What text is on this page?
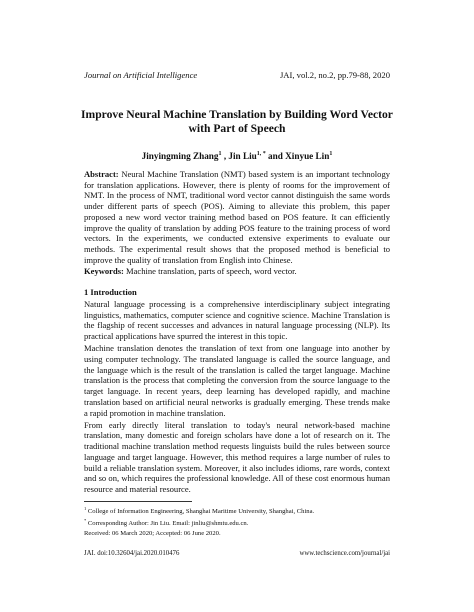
Journal on Artificial Intelligence	JAI, vol.2, no.2, pp.79-88, 2020
Improve Neural Machine Translation by Building Word Vector with Part of Speech
Jinyingming Zhang$^1$ , Jin Liu$^{1, *}$ and Xinyue Lin$^1$
Abstract: Neural Machine Translation (NMT) based system is an important technology for translation applications. However, there is plenty of rooms for the improvement of NMT. In the process of NMT, traditional word vector cannot distinguish the same words under different parts of speech (POS). Aiming to alleviate this problem, this paper proposed a new word vector training method based on POS feature. It can efficiently improve the quality of translation by adding POS feature to the training process of word vectors. In the experiments, we conducted extensive experiments to evaluate our methods. The experimental result shows that the proposed method is beneficial to improve the quality of translation from English into Chinese.
Keywords: Machine translation, parts of speech, word vector.
1 Introduction

Natural language processing is a comprehensive interdisciplinary subject integrating linguistics, mathematics, computer science and cognitive science. Machine Translation is the flagship of recent successes and advances in natural language processing (NLP). Its practical applications have spurred the interest in this topic.

Machine translation denotes the translation of text from one language into another by using computer technology. The translated language is called the source language, and the language which is the result of the translation is called the target language. Machine translation is the process that completing the conversion from the source language to the target language. In recent years, deep learning has developed rapidly, and machine translation based on artificial neural networks is gradually emerging. These trends make a rapid promotion in machine translation.

From early directly literal translation to today's neural network-based machine translation, many domestic and foreign scholars have done a lot of research on it. The traditional machine translation method requests linguists build the rules between source language and target language. However, this method requires a large number of rules to build a reliable translation system. Moreover, it also includes idioms, rare words, context and so on, which requires the professional knowledge. All of these cost enormous human resource and material resource.

$^1$ College of Information Engineering, Shanghai Maritime University, Shanghai, China.
* Corresponding Author: Jin Liu. Email: jinliu@shmtu.edu.cn.
Received: 06 March 2020; Accepted: 06 June 2020.
JAI. doi:10.32604/jai.2020.010476	www.techscience.com/journal/jai
